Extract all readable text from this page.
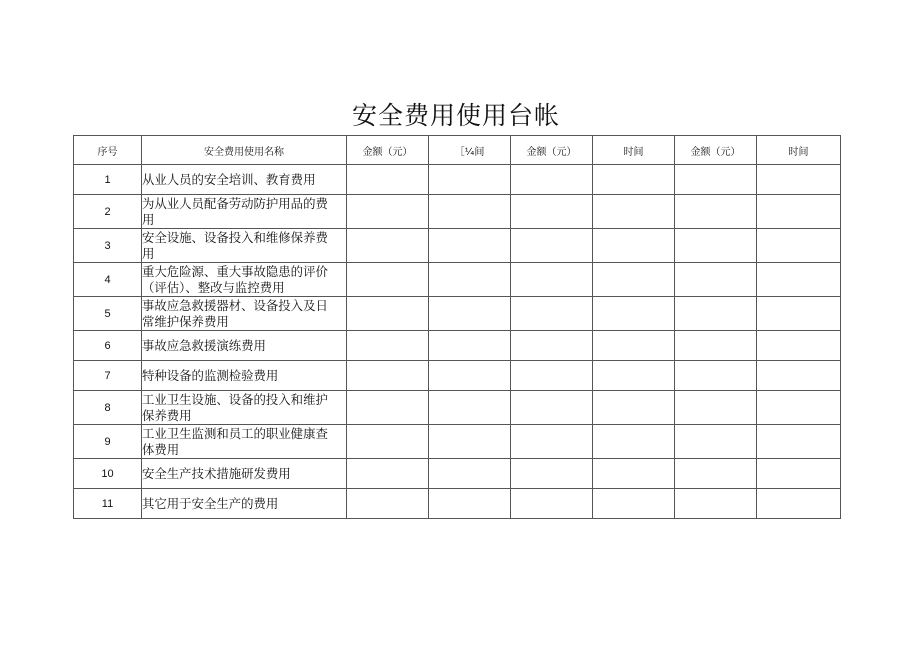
安全费用使用台帐
序号	安全费用使用名称	金额（元）	［¼间	金额（元）	时间	金额（元）	时间
1	从业人员的安全培训、教育费用						
2	为从业人员配备劳动防护用品的费
用						
3	安全设施、设备投入和维修保养费
用						
4	重大危险源、重大事故隐患的评价
（评估）、整改与监控费用						
5	事故应急救援器材、设备投入及日
常维护保养费用						
6	事故应急救援演练费用						
7	特种设备的监测检验费用						
8	工业卫生设施、设备的投入和维护
保养费用						
9	工业卫生监测和员工的职业健康查
体费用						
10	安全生产技术措施研发费用						
11	其它用于安全生产的费用						
